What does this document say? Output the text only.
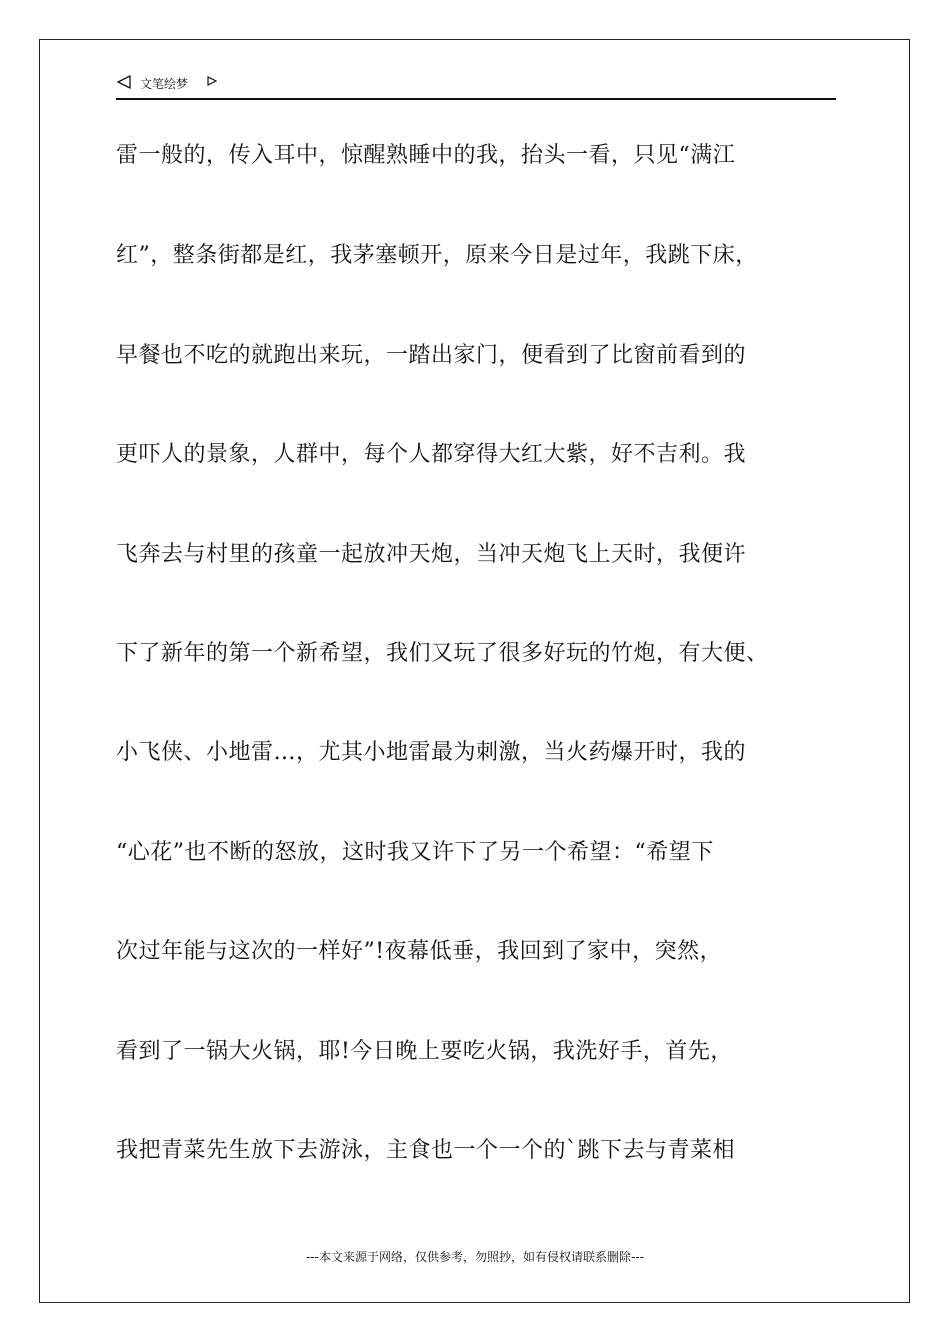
文笔绘梦
雷一般的，传入耳中，惊醒熟睡中的我，抬头一看，只见“满江
红”，整条街都是红，我茅塞顿开，原来今日是过年，我跳下床，
早餐也不吃的就跑出来玩，一踏出家门，便看到了比窗前看到的
更吓人的景象，人群中，每个人都穿得大红大紫，好不吉利。我
飞奔去与村里的孩童一起放冲天炮，当冲天炮飞上天时，我便许
下了新年的第一个新希望，我们又玩了很多好玩的竹炮，有大便、
小飞侠、小地雷…，尤其小地雷最为刺激，当火药爆开时，我的
“心花”也不断的怒放，这时我又许下了另一个希望：“希望下
次过年能与这次的一样好”!夜幕低垂，我回到了家中，突然，
看到了一锅大火锅，耶!今日晚上要吃火锅，我洗好手，首先，
我把青菜先生放下去游泳，主食也一个一个的`跳下去与青菜相
---本文来源于网络，仅供参考，勿照抄，如有侵权请联系删除---
